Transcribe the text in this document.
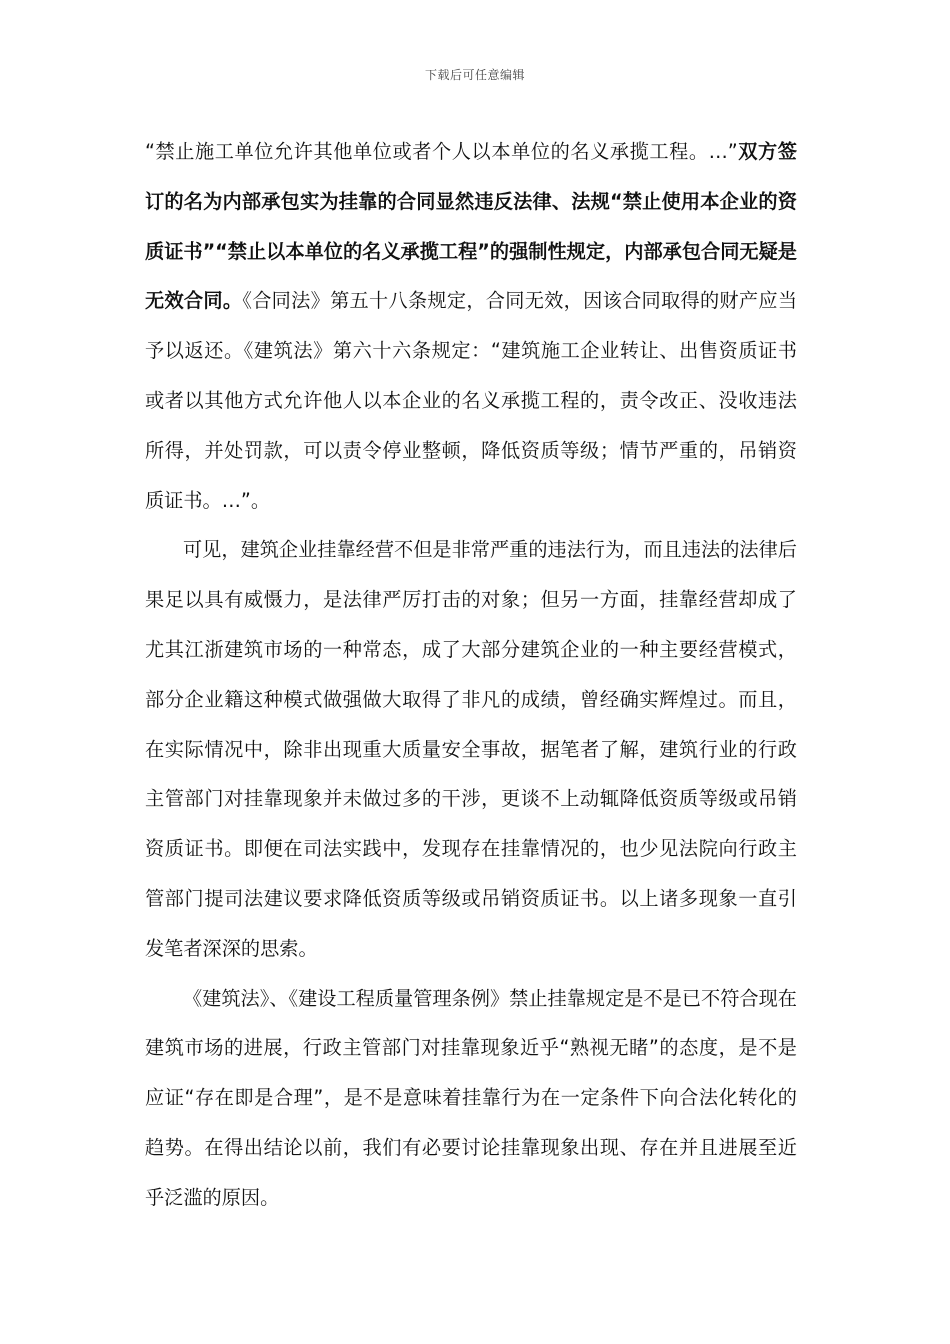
下载后可任意编辑

“禁止施工单位允许其他单位或者个人以本单位的名义承揽工程。…”双方签订的名为内部承包实为挂靠的合同显然违反法律、法规“禁止使用本企业的资质证书”“禁止以本单位的名义承揽工程”的强制性规定，内部承包合同无疑是无效合同。《合同法》第五十八条规定，合同无效，因该合同取得的财产应当予以返还。《建筑法》第六十六条规定：“建筑施工企业转让、出售资质证书或者以其他方式允许他人以本企业的名义承揽工程的，责令改正、没收违法所得，并处罚款，可以责令停业整顿，降低资质等级；情节严重的，吊销资质证书。…”。

可见，建筑企业挂靠经营不但是非常严重的违法行为，而且违法的法律后果足以具有威慑力，是法律严厉打击的对象；但另一方面，挂靠经营却成了尤其江浙建筑市场的一种常态，成了大部分建筑企业的一种主要经营模式，部分企业籍这种模式做强做大取得了非凡的成绩，曾经确实辉煌过。而且，在实际情况中，除非出现重大质量安全事故，据笔者了解，建筑行业的行政主管部门对挂靠现象并未做过多的干涉，更谈不上动辄降低资质等级或吊销资质证书。即便在司法实践中，发现存在挂靠情况的，也少见法院向行政主管部门提司法建议要求降低资质等级或吊销资质证书。以上诸多现象一直引发笔者深深的思索。

《建筑法》、《建设工程质量管理条例》禁止挂靠规定是不是已不符合现在建筑市场的进展，行政主管部门对挂靠现象近乎“熟视无睹”的态度，是不是应证“存在即是合理”，是不是意味着挂靠行为在一定条件下向合法化转化的趋势。在得出结论以前，我们有必要讨论挂靠现象出现、存在并且进展至近乎泛滥的原因。
